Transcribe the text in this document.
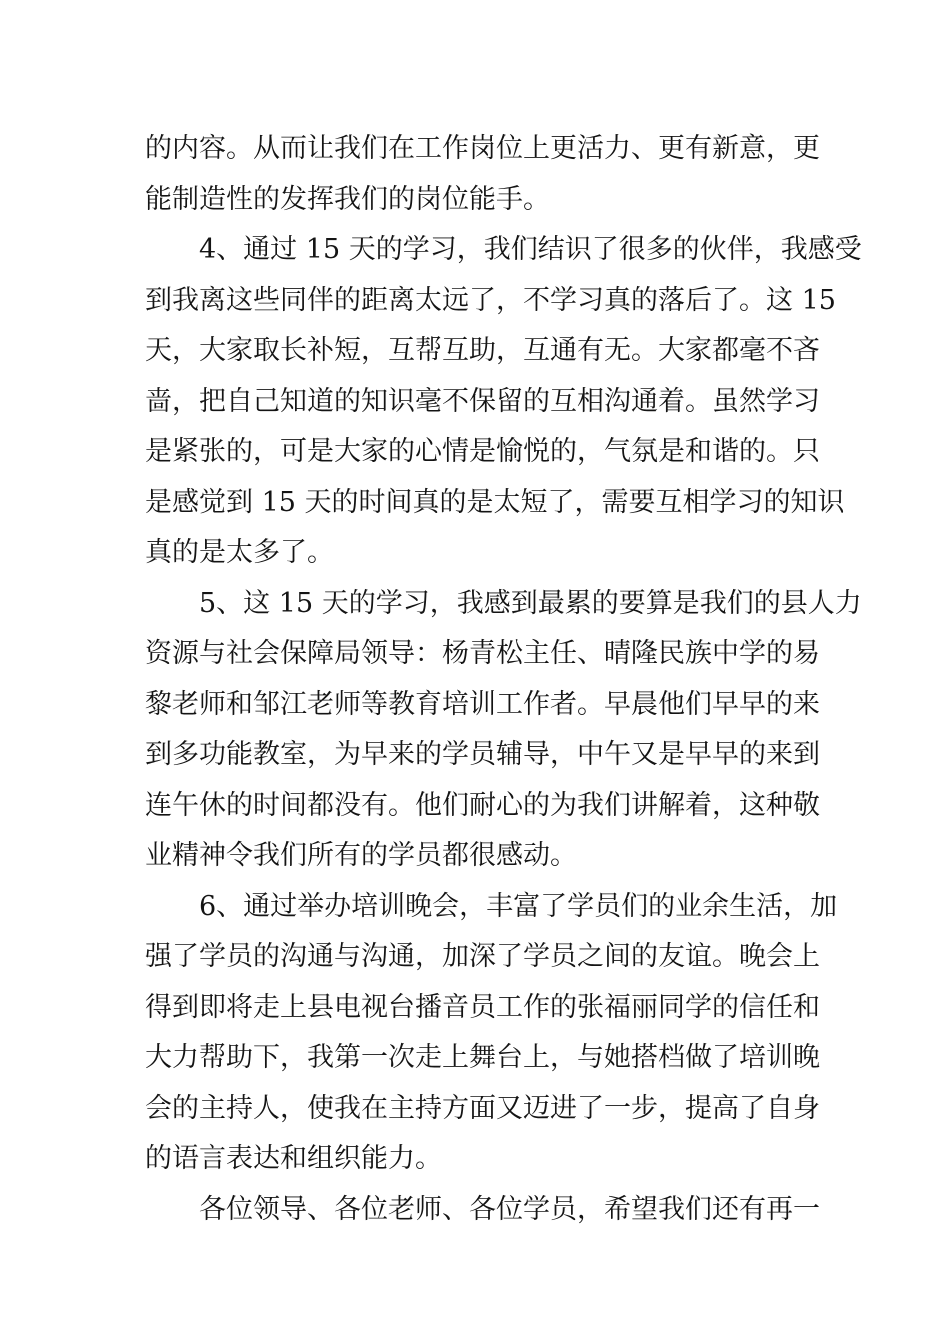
的内容。从而让我们在工作岗位上更活力、更有新意，更
能制造性的发挥我们的岗位能手。
4、通过 15 天的学习，我们结识了很多的伙伴，我感受
到我离这些同伴的距离太远了，不学习真的落后了。这 15
天，大家取长补短，互帮互助，互通有无。大家都毫不吝
啬，把自己知道的知识毫不保留的互相沟通着。虽然学习
是紧张的，可是大家的心情是愉悦的，气氛是和谐的。只
是感觉到 15 天的时间真的是太短了，需要互相学习的知识
真的是太多了。
5、这 15 天的学习，我感到最累的要算是我们的县人力
资源与社会保障局领导：杨青松主任、晴隆民族中学的易
黎老师和邹江老师等教育培训工作者。早晨他们早早的来
到多功能教室，为早来的学员辅导，中午又是早早的来到
连午休的时间都没有。他们耐心的为我们讲解着，这种敬
业精神令我们所有的学员都很感动。
6、通过举办培训晚会，丰富了学员们的业余生活，加
强了学员的沟通与沟通，加深了学员之间的友谊。晚会上
得到即将走上县电视台播音员工作的张福丽同学的信任和
大力帮助下，我第一次走上舞台上，与她搭档做了培训晚
会的主持人，使我在主持方面又迈进了一步，提高了自身
的语言表达和组织能力。
各位领导、各位老师、各位学员，希望我们还有再一
